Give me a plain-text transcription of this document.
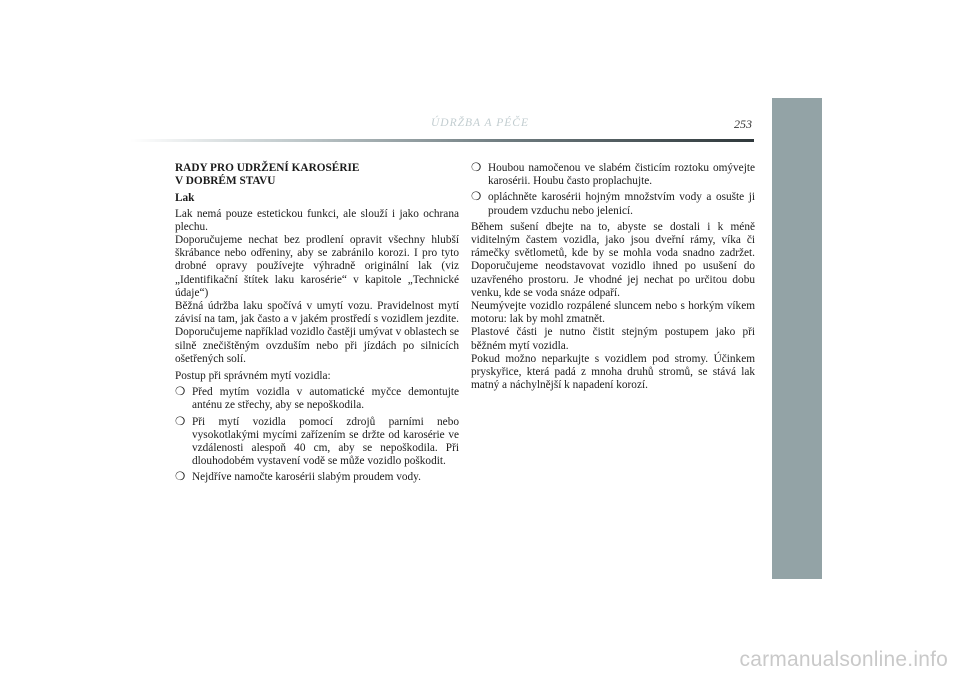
ÚDRŽBA A PÉČE	253

RADY PRO UDRŽENÍ KAROSÉRIE

V DOBRÉM STAVU

Lak

Lak nemá pouze estetickou funkci, ale slouží i jako ochrana plechu.

Doporučujeme nechat bez prodlení opravit všechny hlubší škrábance nebo odřeniny, aby se zabránilo korozi. I pro tyto drobné opravy používejte výhradně originální lak (viz „Identifikační štítek laku karosérie“ v kapitole „Technické údaje“)

Běžná údržba laku spočívá v umytí vozu. Pravidelnost mytí závisí na tam, jak často a v jakém prostředí s vozidlem jezdite. Doporučujeme například vozidlo častěji umývat v oblastech se silně znečištěným ovzduším nebo při jízdách po silnicích ošetřených solí.

Postup při správném mytí vozidla:

❍ Před mytím vozidla v automatické myčce demontujte anténu ze střechy, aby se nepoškodila.
❍ Při mytí vozidla pomocí zdrojů parními nebo vysokotlakými mycími zařízením se držte od karosérie ve vzdálenosti alespoň 40 cm, aby se nepoškodila. Při dlouhodobém vystavení vodě se může vozidlo poškodit.
❍ Nejdříve namočte karosérii slabým proudem vody.
❍ Houbou namočenou ve slabém čisticím roztoku omývejte karosérii. Houbu často proplachujte.
❍ opláchněte karosérii hojným množstvím vody a osušte ji proudem vzduchu nebo jelenicí.

Během sušení dbejte na to, abyste se dostali i k méně viditelným častem vozidla, jako jsou dveřní rámy, víka či rámečky světlometů, kde by se mohla voda snadno zadržet. Doporučujeme neodstavovat vozidlo ihned po usušení do uzavřeného prostoru. Je vhodné jej nechat po určitou dobu venku, kde se voda snáze odpaří.

Neumývejte vozidlo rozpálené sluncem nebo s horkým víkem motoru: lak by mohl zmatnět.

Plastové části je nutno čistit stejným postupem jako při běžném mytí vozidla.

Pokud možno neparkujte s vozidlem pod stromy. Účinkem pryskyřice, která padá z mnoha druhů stromů, se stává lak matný a náchylnější k napadení korozí.

carmanualsonline.info
